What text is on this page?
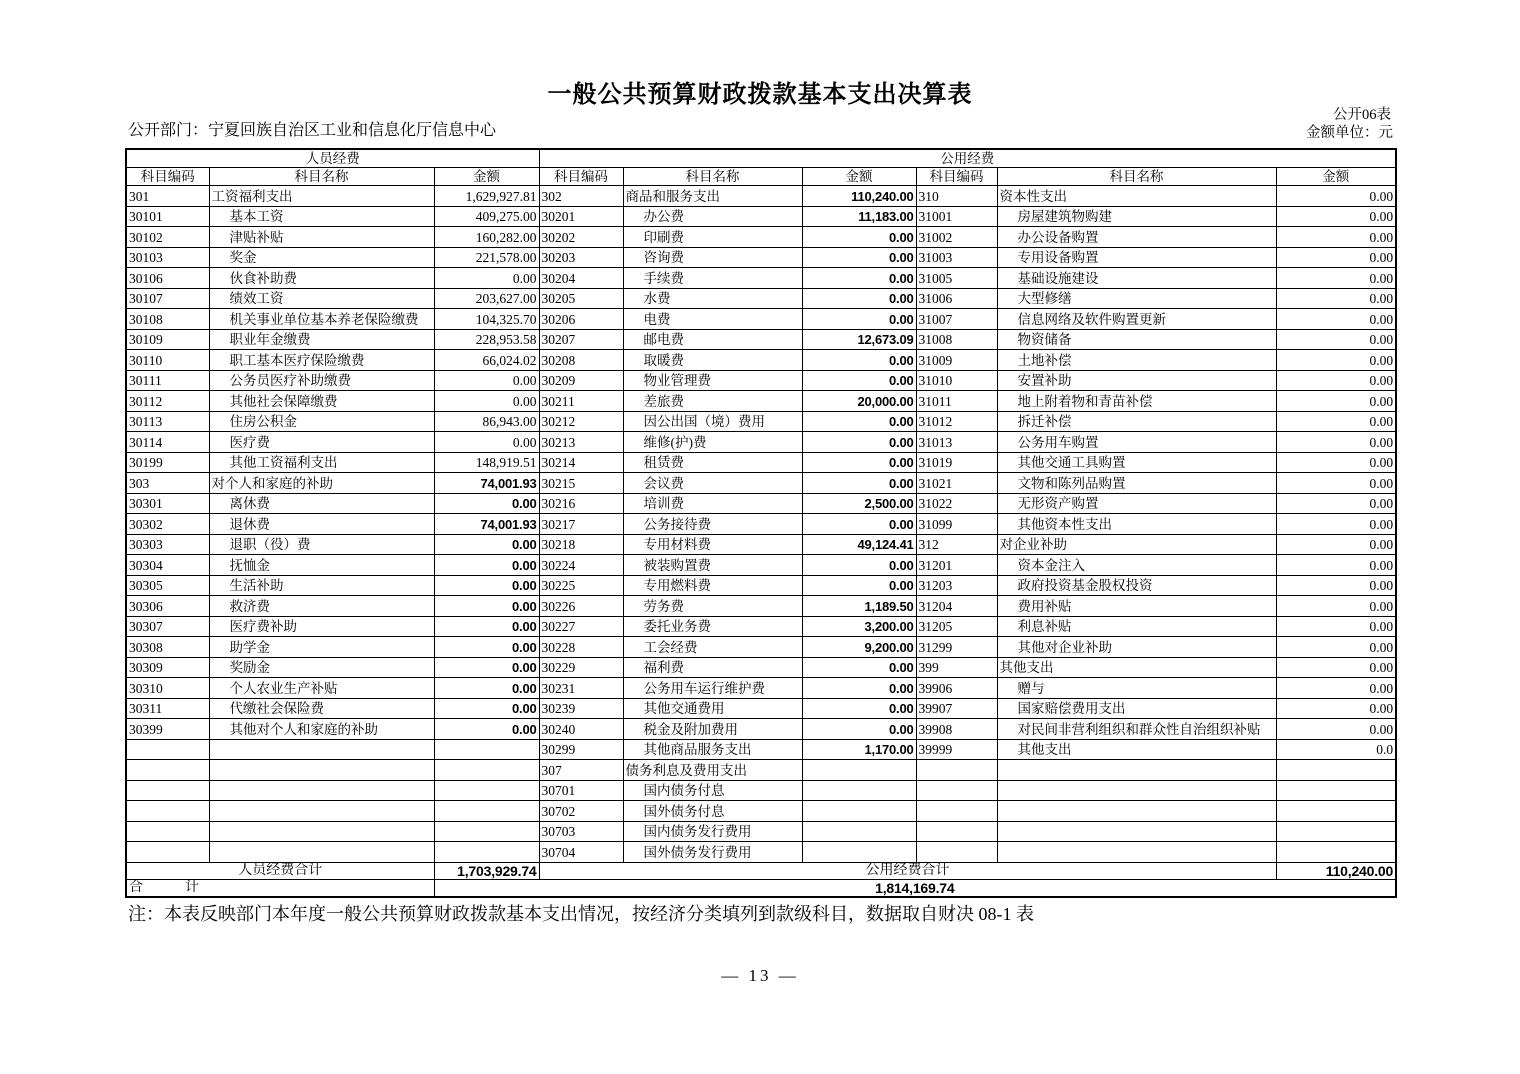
一般公共预算财政拨款基本支出决算表
公开06表
公开部门：宁夏回族自治区工业和信息化厅信息中心	金额单位：元
人员经费			公用经费					
科目编码	科目名称	金额	科目编码	科目名称	金额	科目编码	科目名称	金额
301	工资福利支出	1,629,927.81	302	商品和服务支出	110,240.00	310	资本性支出	0.00
30101	基本工资	409,275.00	30201	办公费	11,183.00	31001	房屋建筑物购建	0.00
30102	津贴补贴	160,282.00	30202	印刷费	0.00	31002	办公设备购置	0.00
30103	奖金	221,578.00	30203	咨询费	0.00	31003	专用设备购置	0.00
30106	伙食补助费	0.00	30204	手续费	0.00	31005	基础设施建设	0.00
30107	绩效工资	203,627.00	30205	水费	0.00	31006	大型修缮	0.00
30108	机关事业单位基本养老保险缴费	104,325.70	30206	电费	0.00	31007	信息网络及软件购置更新	0.00
30109	职业年金缴费	228,953.58	30207	邮电费	12,673.09	31008	物资储备	0.00
30110	职工基本医疗保险缴费	66,024.02	30208	取暖费	0.00	31009	土地补偿	0.00
30111	公务员医疗补助缴费	0.00	30209	物业管理费	0.00	31010	安置补助	0.00
30112	其他社会保障缴费	0.00	30211	差旅费	20,000.00	31011	地上附着物和青苗补偿	0.00
30113	住房公积金	86,943.00	30212	因公出国（境）费用	0.00	31012	拆迁补偿	0.00
30114	医疗费	0.00	30213	维修(护)费	0.00	31013	公务用车购置	0.00
30199	其他工资福利支出	148,919.51	30214	租赁费	0.00	31019	其他交通工具购置	0.00
303	对个人和家庭的补助	74,001.93	30215	会议费	0.00	31021	文物和陈列品购置	0.00
30301	离休费	0.00	30216	培训费	2,500.00	31022	无形资产购置	0.00
30302	退休费	74,001.93	30217	公务接待费	0.00	31099	其他资本性支出	0.00
30303	退职（役）费	0.00	30218	专用材料费	49,124.41	312	对企业补助	0.00
30304	抚恤金	0.00	30224	被装购置费	0.00	31201	资本金注入	0.00
30305	生活补助	0.00	30225	专用燃料费	0.00	31203	政府投资基金股权投资	0.00
30306	救济费	0.00	30226	劳务费	1,189.50	31204	费用补贴	0.00
30307	医疗费补助	0.00	30227	委托业务费	3,200.00	31205	利息补贴	0.00
30308	助学金	0.00	30228	工会经费	9,200.00	31299	其他对企业补助	0.00
30309	奖励金	0.00	30229	福利费	0.00	399	其他支出	0.00
30310	个人农业生产补贴	0.00	30231	公务用车运行维护费	0.00	39906	赠与	0.00
30311	代缴社会保险费	0.00	30239	其他交通费用	0.00	39907	国家赔偿费用支出	0.00
30399	其他对个人和家庭的补助	0.00	30240	税金及附加费用	0.00	39908	对民间非营利组织和群众性自治组织补贴	0.00
			30299	其他商品服务支出	1,170.00	39999	其他支出	0.0
			307	债务利息及费用支出				
			30701	国内债务付息				
			30702	国外债务付息				
			30703	国内债务发行费用				
			30704	国外债务发行费用				
人员经费合计		1,703,929.74	公用经费合计					110,240.00
合　　　计		1,814,169.74						
注：本表反映部门本年度一般公共预算财政拨款基本支出情况，按经济分类填列到款级科目，数据取自财决 08-1 表
— 13 —
